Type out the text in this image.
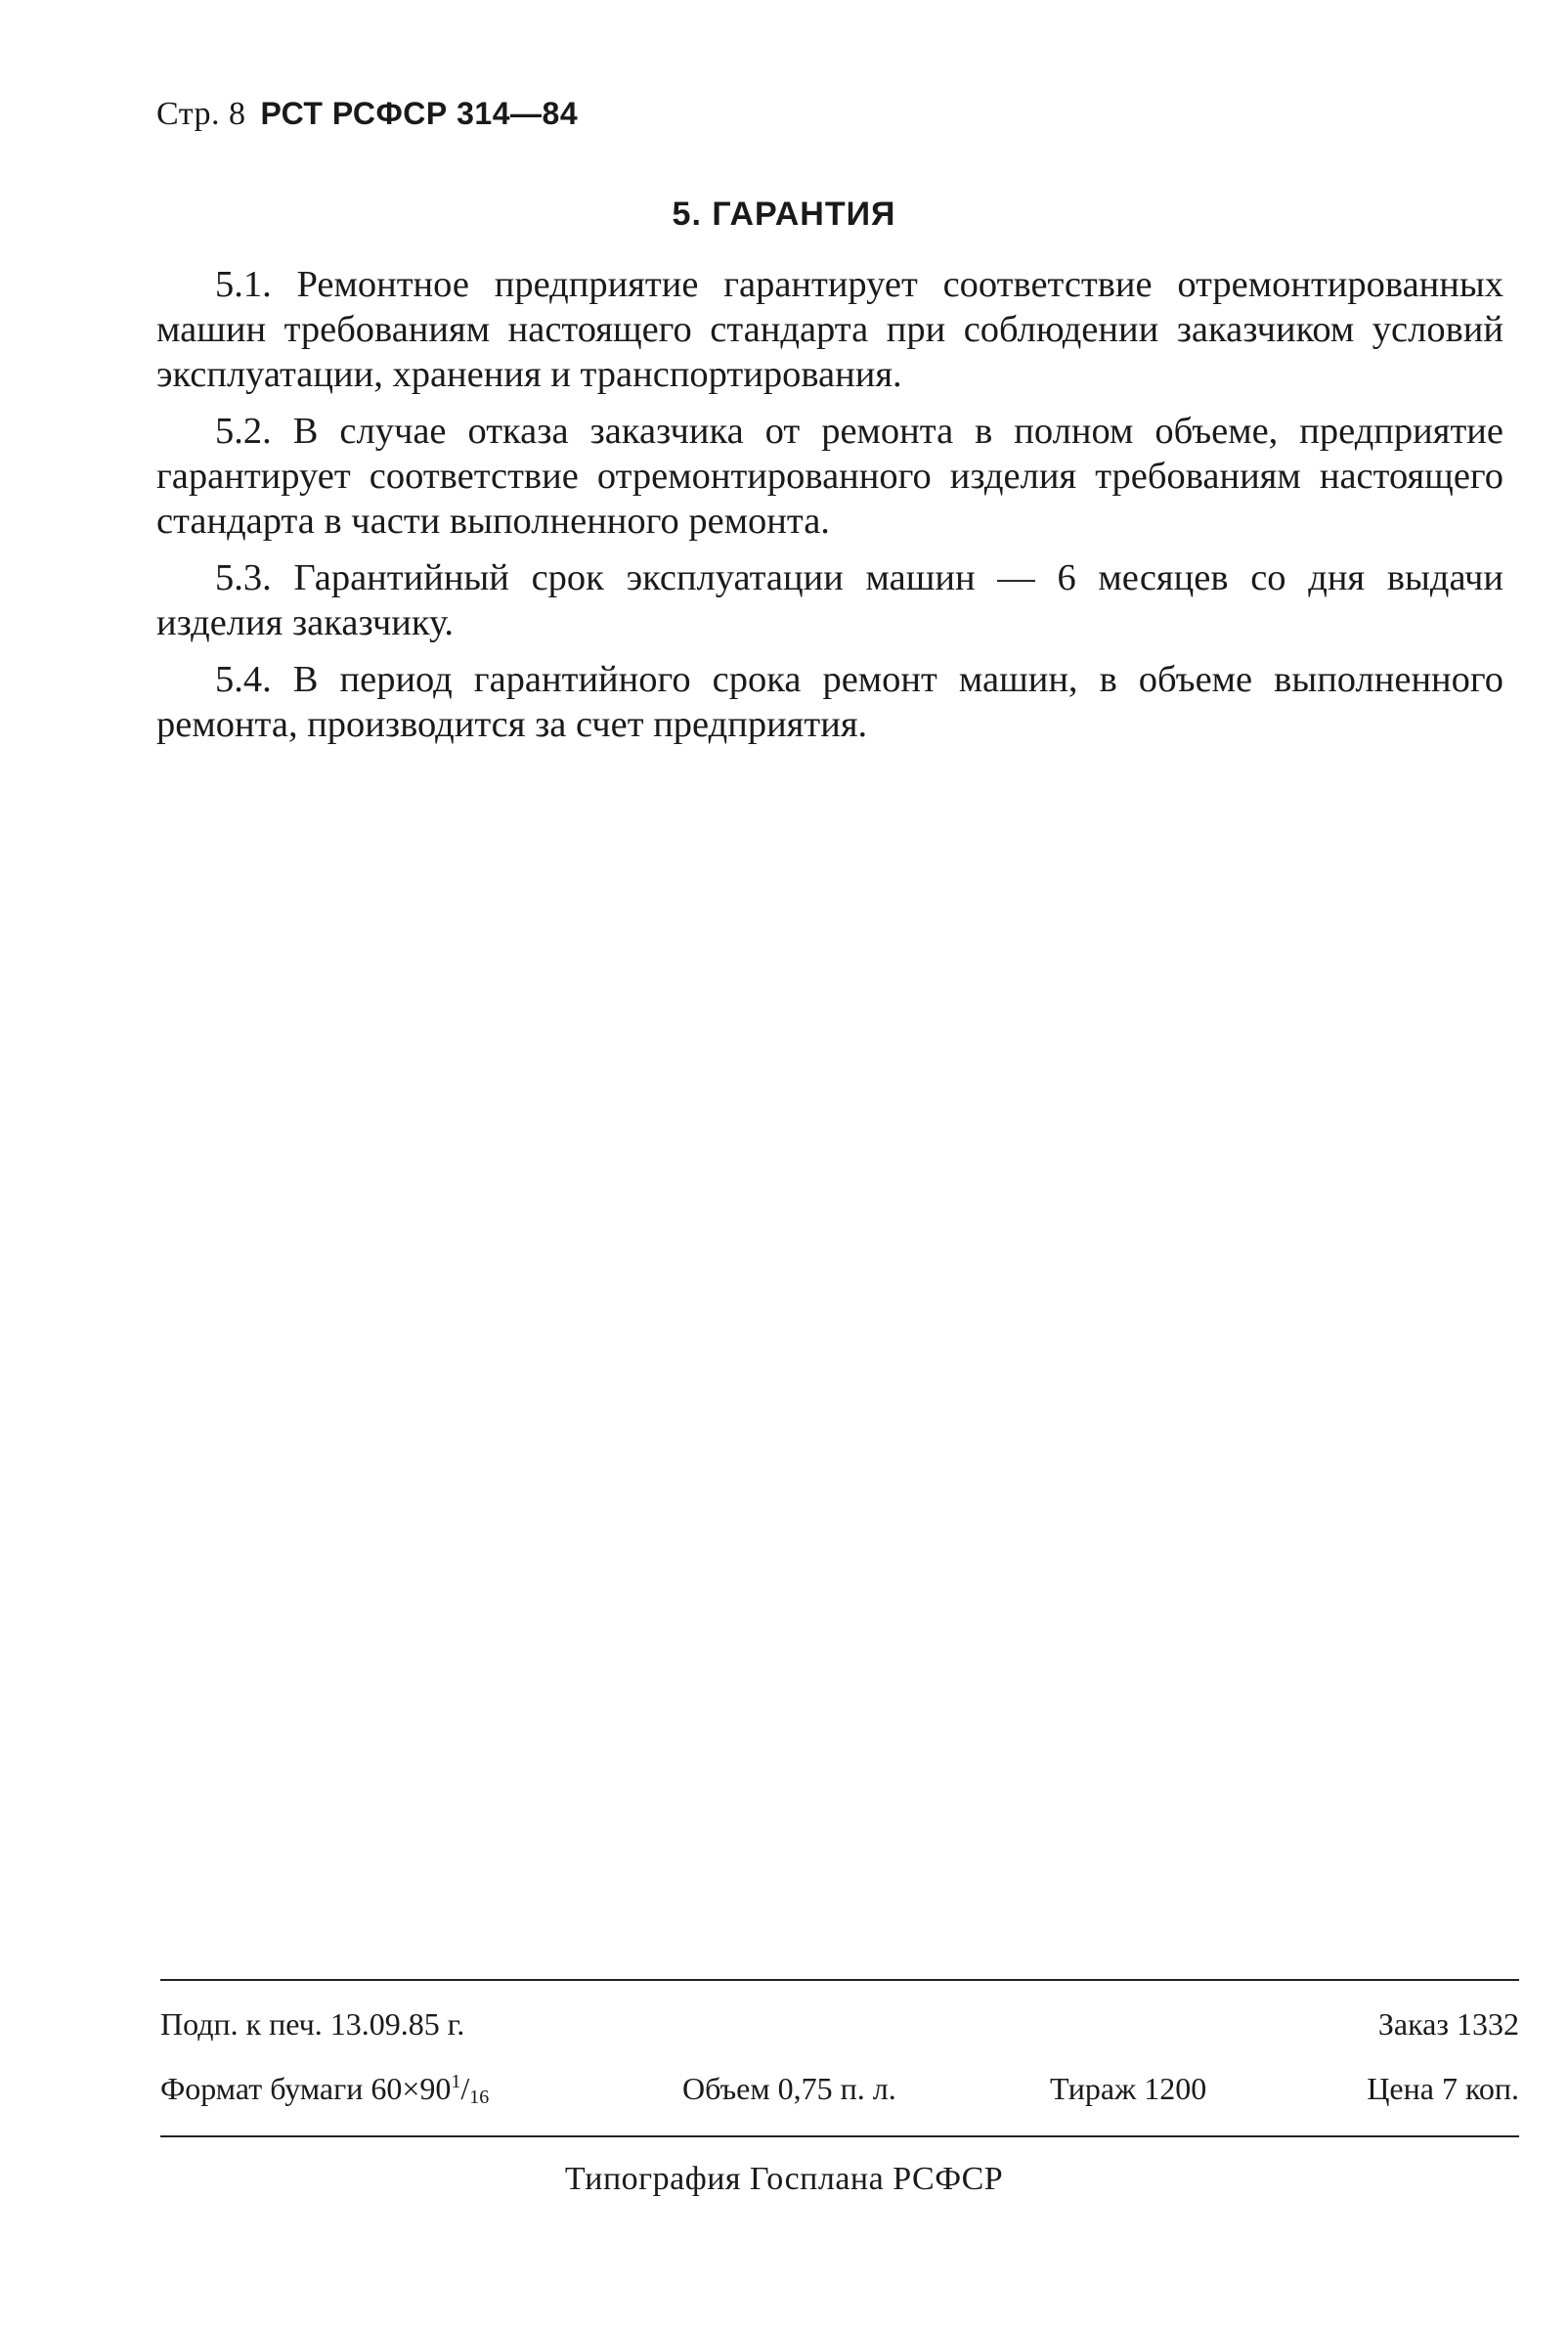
Стр. 8 РСТ РСФСР 314—84
5. ГАРАНТИЯ

5.1. Ремонтное предприятие гарантирует соответствие отремонтированных машин требованиям настоящего стандарта при соблюдении заказчиком условий эксплуатации, хранения и транспортирования.

5.2. В случае отказа заказчика от ремонта в полном объеме, предприятие гарантирует соответствие отремонтированного изделия требованиям настоящего стандарта в части выполненного ремонта.

5.3. Гарантийный срок эксплуатации машин — 6 месяцев со дня выдачи изделия заказчику.

5.4. В период гарантийного срока ремонт машин, в объеме выполненного ремонта, производится за счет предприятия.

Подп. к печ. 13.09.85 г.	Заказ 1332
Формат бумаги $60\times 90^1/_{16}$	Объем 0,75 п. л.	Тираж 1200	Цена 7 коп.
Типография Госплана РСФСР
